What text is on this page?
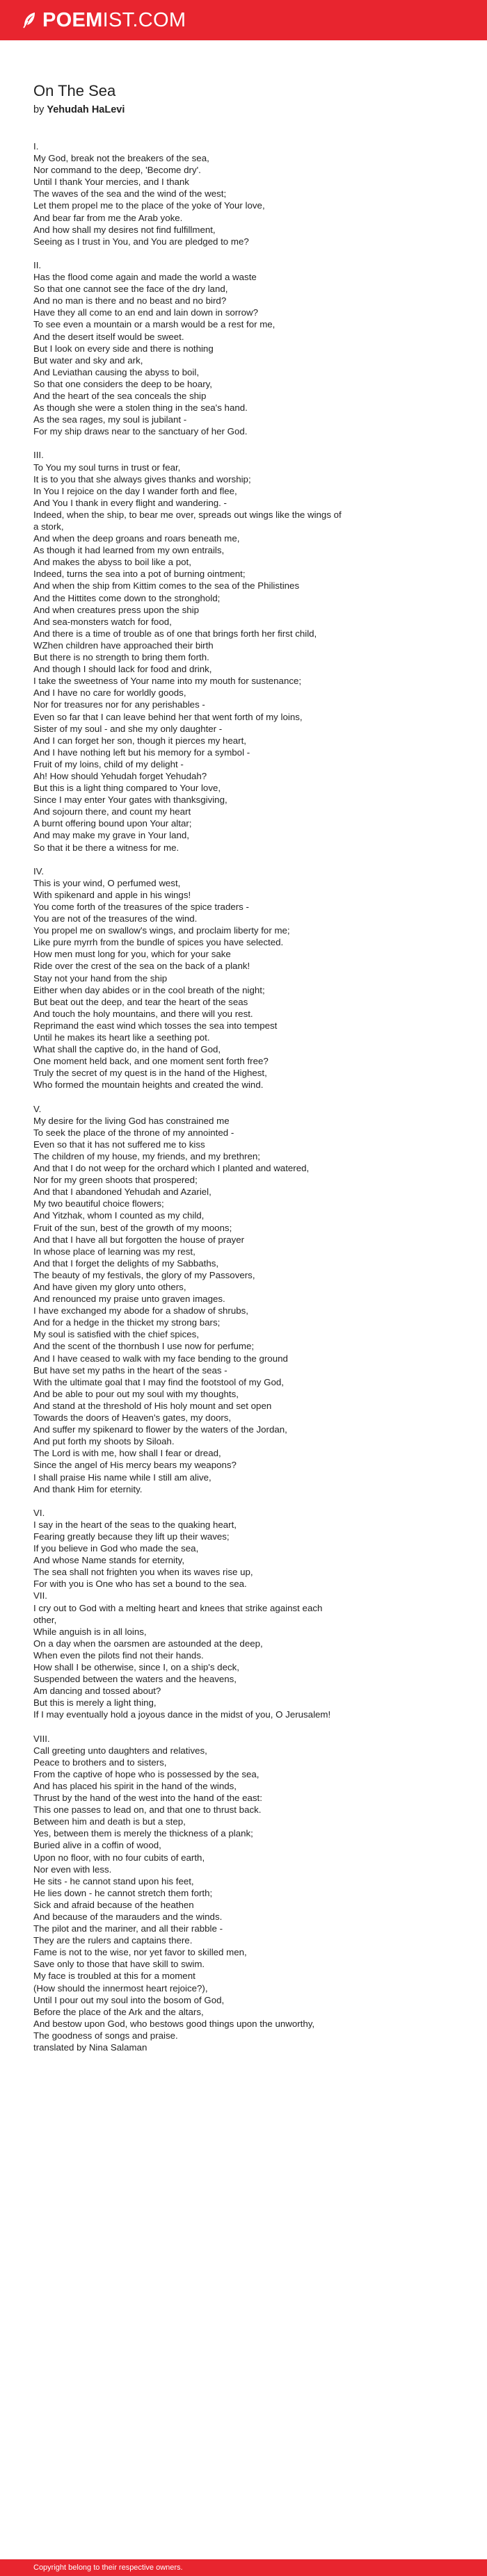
POEMIST.COM
On The Sea
by Yehudah HaLevi
I.
My God, break not the breakers of the sea,
Nor command to the deep, 'Become dry'.
Until I thank Your mercies, and I thank
The waves of the sea and the wind of the west;
Let them propel me to the place of the yoke of Your love,
And bear far from me the Arab yoke.
And how shall my desires not find fulfillment,
Seeing as I trust in You, and You are pledged to me?
II.
Has the flood come again and made the world a waste
So that one cannot see the face of the dry land,
And no man is there and no beast and no bird?
Have they all come to an end and lain down in sorrow?
To see even a mountain or a marsh would be a rest for me,
And the desert itself would be sweet.
But I look on every side and there is nothing
But water and sky and ark,
And Leviathan causing the abyss to boil,
So that one considers the deep to be hoary,
And the heart of the sea conceals the ship
As though she were a stolen thing in the sea's hand.
As the sea rages, my soul is jubilant -
For my ship draws near to the sanctuary of her God.
III.
To You my soul turns in trust or fear,
It is to you that she always gives thanks and worship;
In You I rejoice on the day I wander forth and flee,
And You I thank in every flight and wandering. -
Indeed, when the ship, to bear me over, spreads out wings like the wings of
a stork,
And when the deep groans and roars beneath me,
As though it had learned from my own entrails,
And makes the abyss to boil like a pot,
Indeed, turns the sea into a pot of burning ointment;
And when the ship from Kittim comes to the sea of the Philistines
And the Hittites come down to the stronghold;
And when creatures press upon the ship
And sea-monsters watch for food,
And there is a time of trouble as of one that brings forth her first child,
WZhen children have approached their birth
But there is no strength to bring them forth.
And though I should lack for food and drink,
I take the sweetness of Your name into my mouth for sustenance;
And I have no care for worldly goods,
Nor for treasures nor for any perishables -
Even so far that I can leave behind her that went forth of my loins,
Sister of my soul - and she my only daughter -
And I can forget her son, though it pierces my heart,
And I have nothing left but his memory for a symbol -
Fruit of my loins, child of my delight -
Ah! How should Yehudah forget Yehudah?
But this is a light thing compared to Your love,
Since I may enter Your gates with thanksgiving,
And sojourn there, and count my heart
A burnt offering bound upon Your altar;
And may make my grave in Your land,
So that it be there a witness for me.
IV.
This is your wind, O perfumed west,
With spikenard and apple in his wings!
You come forth of the treasures of the spice traders -
You are not of the treasures of the wind.
You propel me on swallow's wings, and proclaim liberty for me;
Like pure myrrh from the bundle of spices you have selected.
How men must long for you, which for your sake
Ride over the crest of the sea on the back of a plank!
Stay not your hand from the ship
Either when day abides or in the cool breath of the night;
But beat out the deep, and tear the heart of the seas
And touch the holy mountains, and there will you rest.
Reprimand the east wind which tosses the sea into tempest
Until he makes its heart like a seething pot.
What shall the captive do, in the hand of God,
One moment held back, and one moment sent forth free?
Truly the secret of my quest is in the hand of the Highest,
Who formed the mountain heights and created the wind.
V.
My desire for the living God has constrained me
To seek the place of the throne of my annointed -
Even so that it has not suffered me to kiss
The children of my house, my friends, and my brethren;
And that I do not weep for the orchard which I planted and watered,
Nor for my green shoots that prospered;
And that I abandoned Yehudah and Azariel,
My two beautiful choice flowers;
And Yitzhak, whom I counted as my child,
Fruit of the sun, best of the growth of my moons;
And that I have all but forgotten the house of prayer
In whose place of learning was my rest,
And that I forget the delights of my Sabbaths,
The beauty of my festivals, the glory of my Passovers,
And have given my glory unto others,
And renounced my praise unto graven images.
I have exchanged my abode for a shadow of shrubs,
And for a hedge in the thicket my strong bars;
My soul is satisfied with the chief spices,
And the scent of the thornbush I use now for perfume;
And I have ceased to walk with my face bending to the ground
But have set my paths in the heart of the seas -
With the ultimate goal that I may find the footstool of my God,
And be able to pour out my soul with my thoughts,
And stand at the threshold of His holy mount and set open
Towards the doors of Heaven's gates, my doors,
And suffer my spikenard to flower by the waters of the Jordan,
And put forth my shoots by Siloah.
The Lord is with me, how shall I fear or dread,
Since the angel of His mercy bears my weapons?
I shall praise His name while I still am alive,
And thank Him for eternity.
VI.
I say in the heart of the seas to the quaking heart,
Fearing greatly because they lift up their waves;
If you believe in God who made the sea,
And whose Name stands for eternity,
The sea shall not frighten you when its waves rise up,
For with you is One who has set a bound to the sea.
VII.
I cry out to God with a melting heart and knees that strike against each
other,
While anguish is in all loins,
On a day when the oarsmen are astounded at the deep,
When even the pilots find not their hands.
How shall I be otherwise, since I, on a ship's deck,
Suspended between the waters and the heavens,
Am dancing and tossed about?
But this is merely a light thing,
If I may eventually hold a joyous dance in the midst of you, O Jerusalem!
VIII.
Call greeting unto daughters and relatives,
Peace to brothers and to sisters,
From the captive of hope who is possessed by the sea,
And has placed his spirit in the hand of the winds,
Thrust by the hand of the west into the hand of the east:
This one passes to lead on, and that one to thrust back.
Between him and death is but a step,
Yes, between them is merely the thickness of a plank;
Buried alive in a coffin of wood,
Upon no floor, with no four cubits of earth,
Nor even with less.
He sits - he cannot stand upon his feet,
He lies down - he cannot stretch them forth;
Sick and afraid because of the heathen
And because of the marauders and the winds.
The pilot and the mariner, and all their rabble -
They are the rulers and captains there.
Fame is not to the wise, nor yet favor to skilled men,
Save only to those that have skill to swim.
My face is troubled at this for a moment
(How should the innermost heart rejoice?),
Until I pour out my soul into the bosom of God,
Before the place of the Ark and the altars,
And bestow upon God, who bestows good things upon the unworthy,
The goodness of songs and praise.
translated by Nina Salaman
Copyright belong to their respective owners.
